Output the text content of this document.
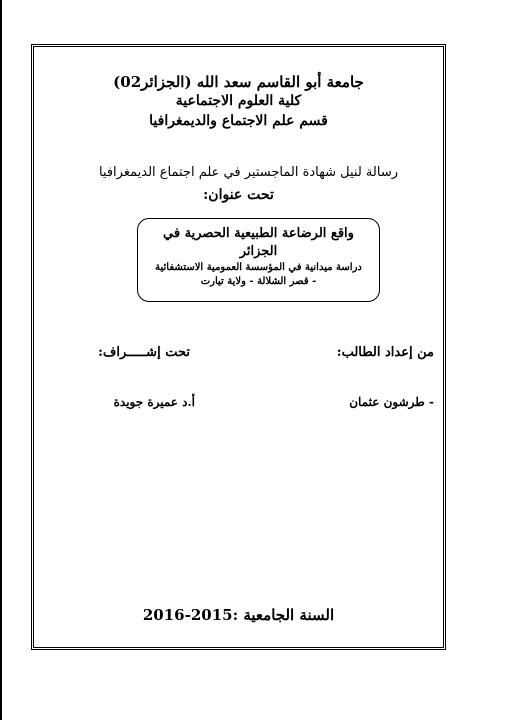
جامعة أبو القاسم سعد الله (الجزائر02)
كلية العلوم الاجتماعية
قسم علم الاجتماع والديمغرافيا
رسالة لنيل شهادة الماجستير في علم اجتماع الديمغرافيا
تحت عنوان:
واقع الرضاعة الطبيعية الحصرية في
الجزائر
دراسة ميدانية في المؤسسة العمومية الاستشفائية
- قصر الشلالة - ولاية تيارت
من إعداد الطالب:
تحت إشـــــراف:
- طرشون عثمان
أ.د عميرة جويدة
السنة الجامعية :2015-2016
